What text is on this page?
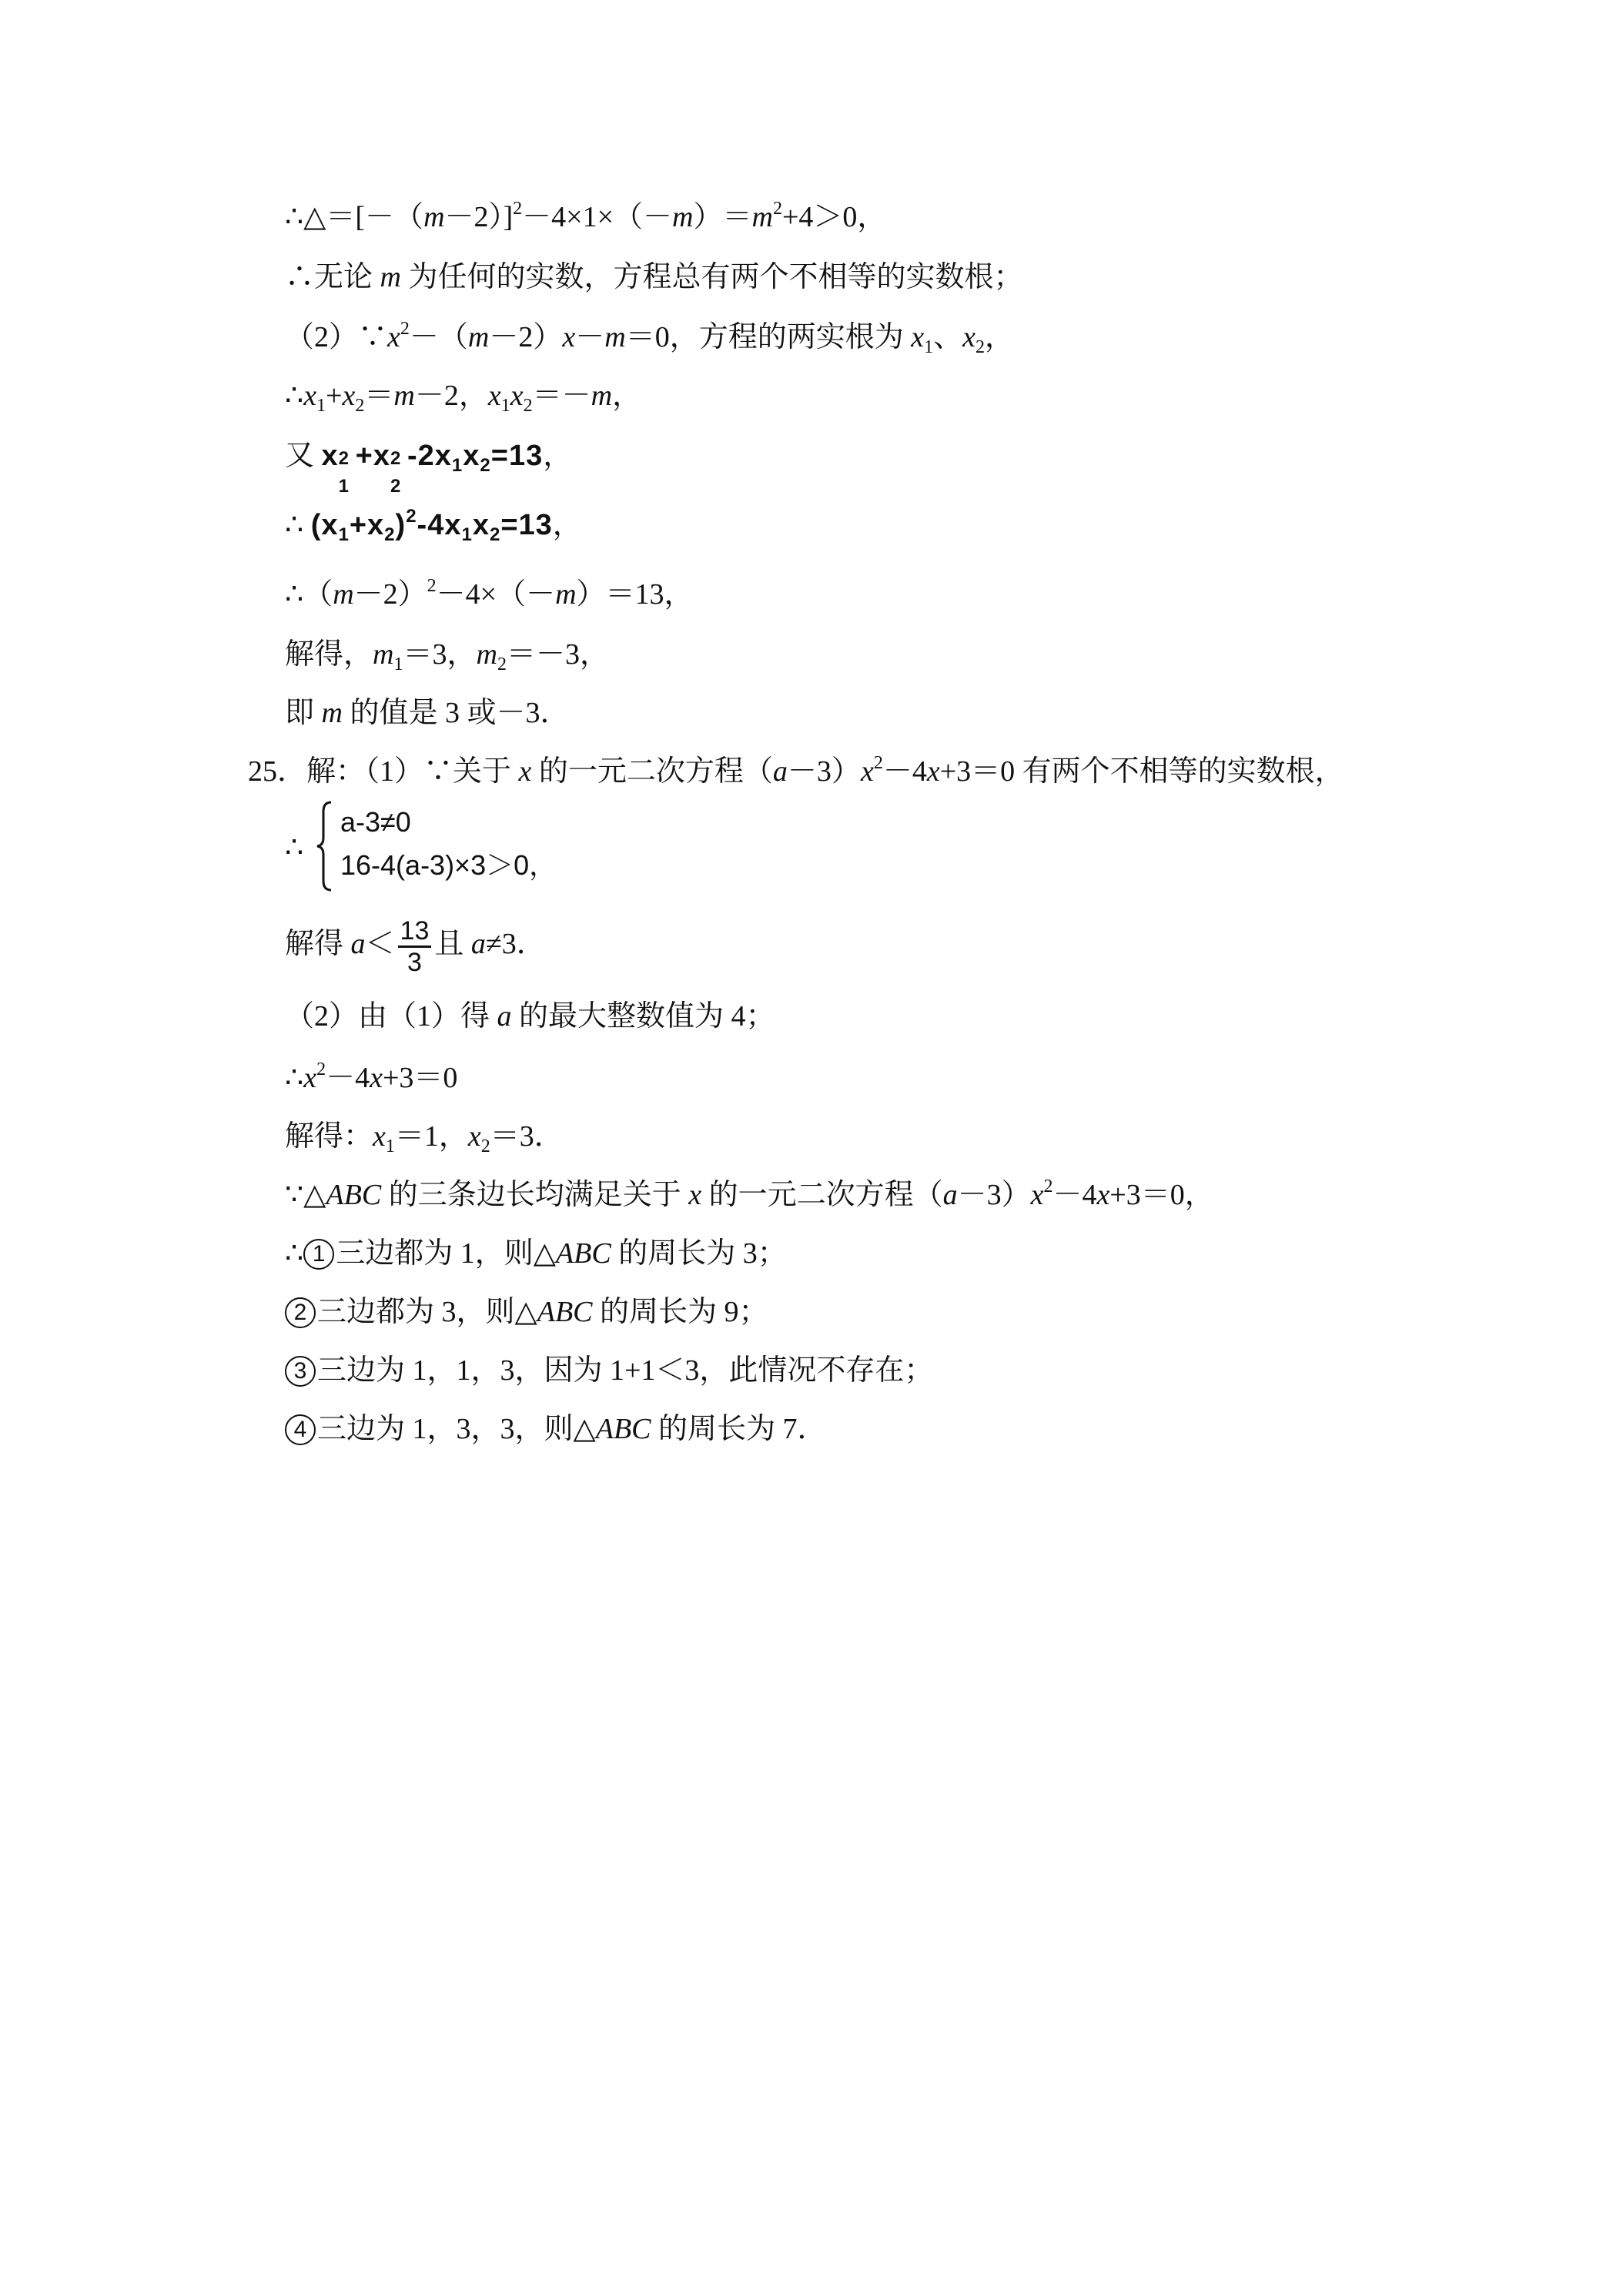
$\therefore\triangle=[-(m-2)]^2-4\times 1\times(-m)=m^2+4>0$，
∴无论 m 为任何的实数，方程总有两个不相等的实数根；
$(2)\because x^2-(m-2)x-m=0$，方程的两实根为 $x_1$、$x_2$，
$\therefore x_1+x_2=m-2$，$x_1x_2=-m$，
又 x 2
1
+x 2
2
$-2x_1x_2=13$，
∴ $(x_1+x_2)^2-4x_1x_2=13$，
$\therefore(m-2)^2-4\times(-m)=13$，
解得，$m_1=3$，$m_2=-3$，
即 m 的值是 3 或－3．
25．解：（1）∵关于 x 的一元二次方程$(a-3)x^2-4x+3=0$ 有两个不相等的实数根，
∴
a-3≠0
16-4(a-3)×3＞0，
解得 $a< \frac{13}{3}$ 且 a≠3．
（2）由（1）得 a 的最大整数值为 4；
$\therefore x^2-4x+3=0$
解得：$x_1=1$，$x_2=3$．
∵△ABC 的三条边长均满足关于 x 的一元二次方程$(a-3)x^2-4x+3=0$，
∴ 1 三边都为 1，则△ABC 的周长为 3；
2 三边都为 3，则△ABC 的周长为 9；
3 三边为 1，1，3，因为 1+1＜3，此情况不存在；
4 三边为 1，3，3，则△ABC 的周长为 7．
